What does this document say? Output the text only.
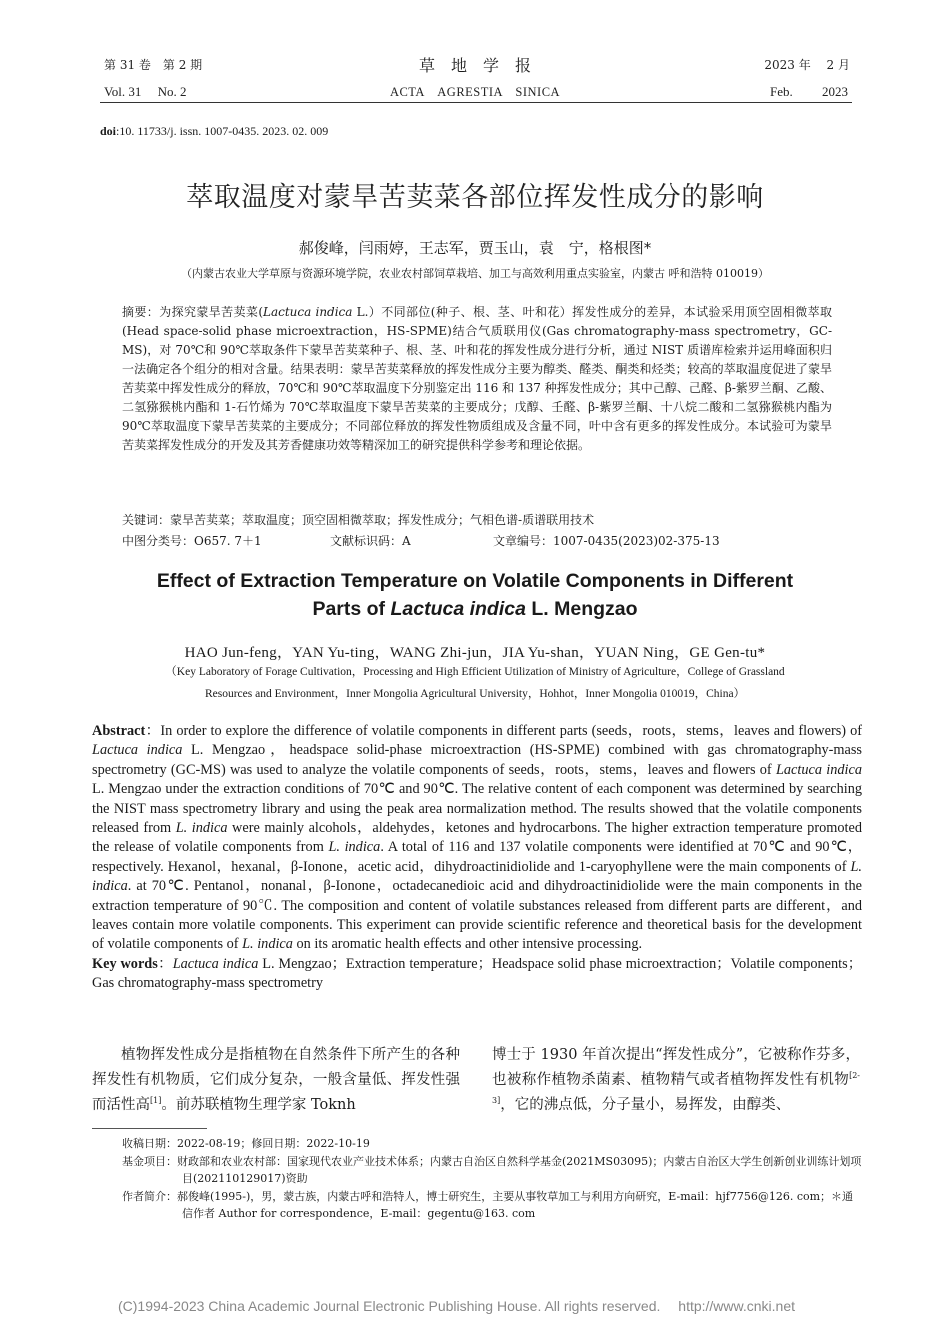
第 31 卷　第 2 期
Vol. 31　 No. 2
草　地　学　报
ACTA　AGRESTIA　SINICA
2023 年　 2 月
Feb.　　 2023
doi:10. 11733/j. issn. 1007-0435. 2023. 02. 009
萃取温度对蒙旱苦荬菜各部位挥发性成分的影响
郝俊峰，闫雨婷，王志军，贾玉山，袁　宁，格根图*
（内蒙古农业大学草原与资源环境学院，农业农村部饲草栽培、加工与高效利用重点实验室，内蒙古 呼和浩特 010019）

摘要：为探究蒙旱苦荬菜(Lactuca indica L.）不同部位(种子、根、茎、叶和花）挥发性成分的差异，本试验采用顶空固相微萃取(Head space-solid phase microextraction，HS-SPME)结合气质联用仪(Gas chromatography-mass spectrometry，GC-MS)，对 70℃和 90℃萃取条件下蒙旱苦荬菜种子、根、茎、叶和花的挥发性成分进行分析，通过 NIST 质谱库检索并运用峰面积归一法确定各个组分的相对含量。结果表明：蒙旱苦荬菜释放的挥发性成分主要为醇类、醛类、酮类和烃类；较高的萃取温度促进了蒙旱苦荬菜中挥发性成分的释放，70℃和 90℃萃取温度下分别鉴定出 116 和 137 种挥发性成分；其中己醇、己醛、β-紫罗兰酮、乙酸、二氢猕猴桃内酯和 1-石竹烯为 70℃萃取温度下蒙旱苦荬菜的主要成分；戊醇、壬醛、β-紫罗兰酮、十八烷二酸和二氢猕猴桃内酯为 90℃萃取温度下蒙旱苦荬菜的主要成分；不同部位释放的挥发性物质组成及含量不同，叶中含有更多的挥发性成分。本试验可为蒙旱苦荬菜挥发性成分的开发及其芳香健康功效等精深加工的研究提供科学参考和理论依据。

关键词：蒙旱苦荬菜；萃取温度；顶空固相微萃取；挥发性成分；气相色谱-质谱联用技术
中图分类号：O657. 7＋1	文献标识码：A	文章编号：1007-0435(2023)02-375-13
Effect of Extraction Temperature on Volatile Components in Different
Parts of Lactuca indica L. Mengzao
HAO Jun-feng，YAN Yu-ting，WANG Zhi-jun，JIA Yu-shan，YUAN Ning，GE Gen-tu*
（Key Laboratory of Forage Cultivation，Processing and High Efficient Utilization of Ministry of Agriculture，College of Grassland
Resources and Environment，Inner Mongolia Agricultural University，Hohhot，Inner Mongolia 010019，China）

Abstract：In order to explore the difference of volatile components in different parts (seeds，roots，stems，leaves and flowers) of Lactuca indica L. Mengzao，headspace solid-phase microextraction (HS-SPME) combined with gas chromatography-mass spectrometry (GC-MS) was used to analyze the volatile components of seeds，roots，stems，leaves and flowers of Lactuca indica L. Mengzao under the extraction conditions of 70℃ and 90℃. The relative content of each component was determined by searching the NIST mass spectrometry library and using the peak area normalization method. The results showed that the volatile components released from L. indica were mainly alcohols，aldehydes，ketones and hydrocarbons. The higher extraction temperature promoted the release of volatile components from L. indica. A total of 116 and 137 volatile components were identified at 70℃ and 90℃，respectively. Hexanol，hexanal，β-Ionone，acetic acid，dihydroactinidiolide and 1-caryophyllene were the main components of L. indica. at 70℃. Pentanol，nonanal，β-Ionone，octadecanedioic acid and dihydroactinidiolide were the main components in the extraction temperature of 90℃. The composition and content of volatile substances released from different parts are different，and leaves contain more volatile components. This experiment can provide scientific reference and theoretical basis for the development of volatile components of L. indica on its aromatic health effects and other intensive processing.

Key words：Lactuca indica L. Mengzao；Extraction temperature；Headspace solid phase microextraction；Volatile components；Gas chromatography-mass spectrometry

植物挥发性成分是指植物在自然条件下所产生的各种挥发性有机物质，它们成分复杂，一般含量低、挥发性强而活性高[1]。前苏联植物生理学家 Toknh

博士于 1930 年首次提出“挥发性成分”，它被称作芬多，也被称作植物杀菌素、植物精气或者植物挥发性有机物[2-3]，它的沸点低，分子量小，易挥发，由醇类、

收稿日期：2022-08-19；修回日期：2022-10-19

基金项目：财政部和农业农村部：国家现代农业产业技术体系；内蒙古自治区自然科学基金(2021MS03095)；内蒙古自治区大学生创新创业训练计划项目(202110129017)资助

作者简介：郝俊峰(1995-)，男，蒙古族，内蒙古呼和浩特人，博士研究生，主要从事牧草加工与利用方向研究，E-mail：hjf7756@126. com；＊通信作者 Author for correspondence，E-mail：gegentu@163. com

(C)1994-2023 China Academic Journal Electronic Publishing House. All rights reserved.　 http://www.cnki.net
